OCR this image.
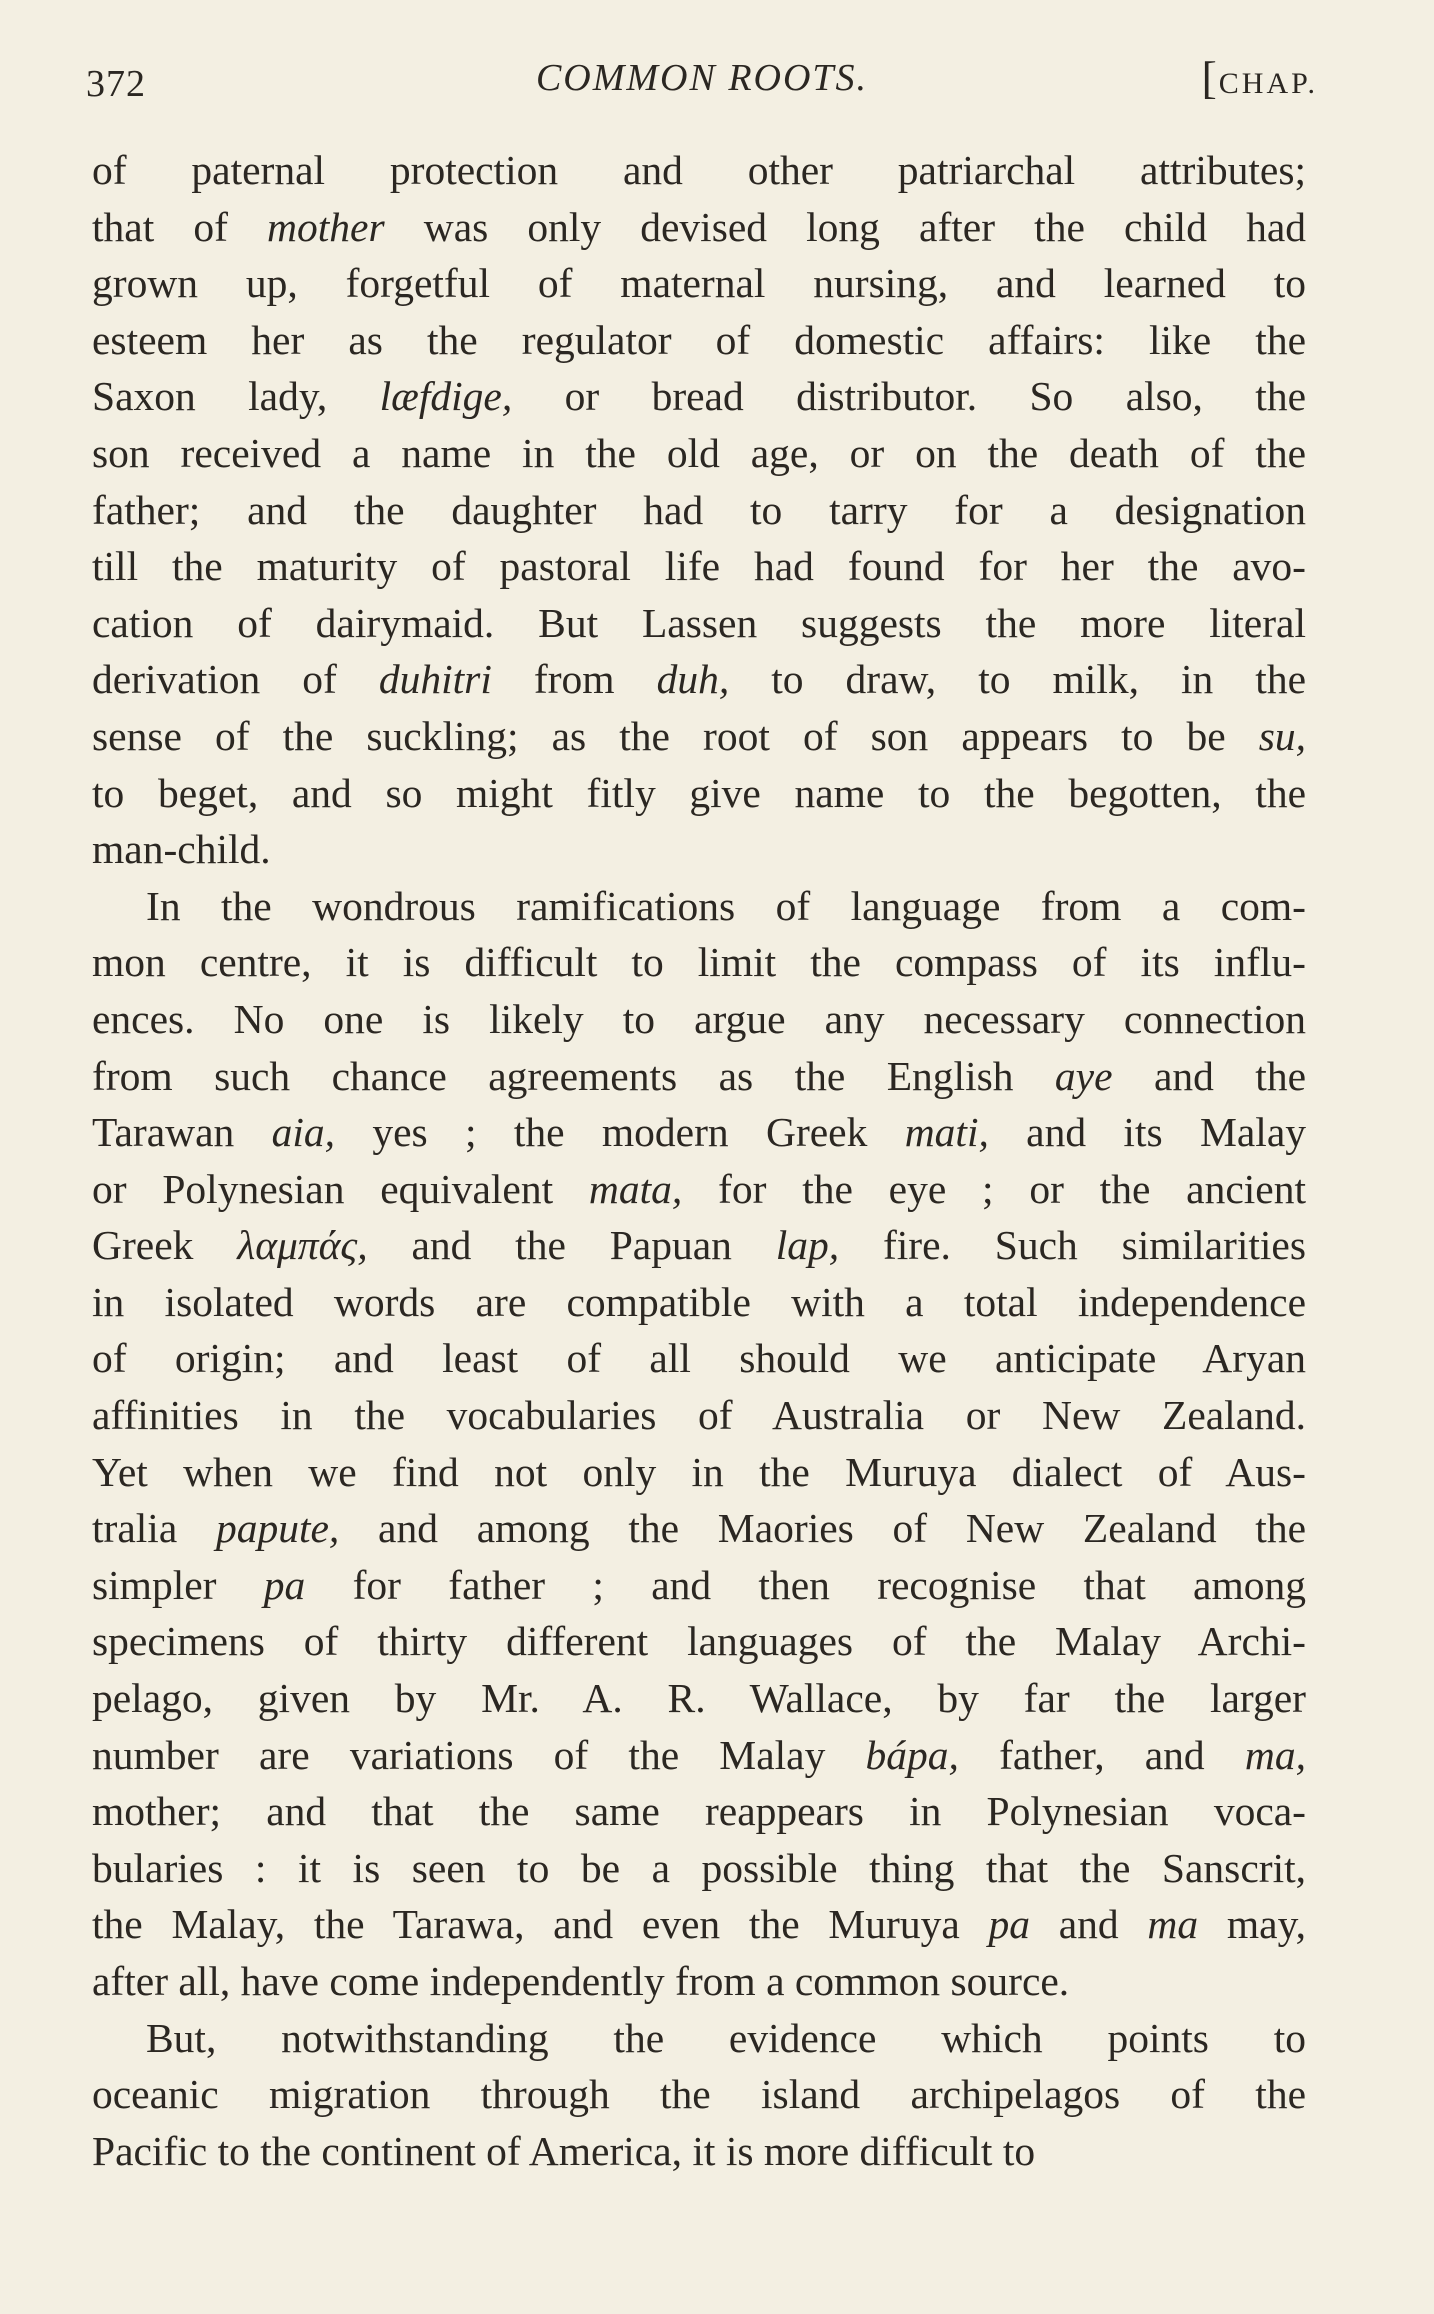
372	COMMON ROOTS.	[CHAP.
of paternal protection and other patriarchal attributes;
that of mother was only devised long after the child had
grown up, forgetful of maternal nursing, and learned to
esteem her as the regulator of domestic affairs: like the
Saxon lady, læfdige, or bread distributor. So also, the
son received a name in the old age, or on the death of the
father; and the daughter had to tarry for a designation
till the maturity of pastoral life had found for her the avo-
cation of dairymaid. But Lassen suggests the more literal
derivation of duhitri from duh, to draw, to milk, in the
sense of the suckling; as the root of son appears to be su,
to beget, and so might fitly give name to the begotten, the
man-child.
In the wondrous ramifications of language from a com-
mon centre, it is difficult to limit the compass of its influ-
ences. No one is likely to argue any necessary connection
from such chance agreements as the English aye and the
Tarawan aia, yes ; the modern Greek mati, and its Malay
or Polynesian equivalent mata, for the eye ; or the ancient
Greek λαμπάς, and the Papuan lap, fire. Such similarities
in isolated words are compatible with a total independence
of origin; and least of all should we anticipate Aryan
affinities in the vocabularies of Australia or New Zealand.
Yet when we find not only in the Muruya dialect of Aus-
tralia papute, and among the Maories of New Zealand the
simpler pa for father ; and then recognise that among
specimens of thirty different languages of the Malay Archi-
pelago, given by Mr. A. R. Wallace, by far the larger
number are variations of the Malay bápa, father, and ma,
mother; and that the same reappears in Polynesian voca-
bularies : it is seen to be a possible thing that the Sanscrit,
the Malay, the Tarawa, and even the Muruya pa and ma may,
after all, have come independently from a common source.
But, notwithstanding the evidence which points to
oceanic migration through the island archipelagos of the
Pacific to the continent of America, it is more difficult to
